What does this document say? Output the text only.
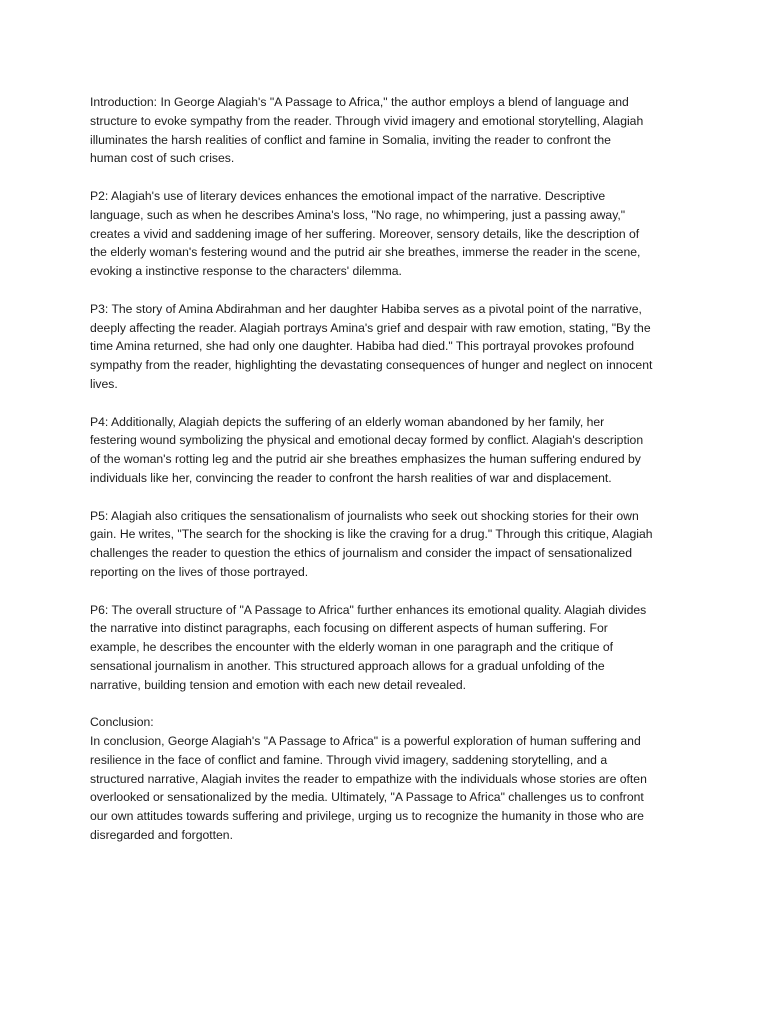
Introduction: In George Alagiah's "A Passage to Africa," the author employs a blend of language and
structure to evoke sympathy from the reader. Through vivid imagery and emotional storytelling, Alagiah
illuminates the harsh realities of conflict and famine in Somalia, inviting the reader to confront the
human cost of such crises.

P2: Alagiah's use of literary devices enhances the emotional impact of the narrative. Descriptive
language, such as when he describes Amina's loss, "No rage, no whimpering, just a passing away,"
creates a vivid and saddening image of her suffering. Moreover, sensory details, like the description of
the elderly woman's festering wound and the putrid air she breathes, immerse the reader in the scene,
evoking a instinctive response to the characters' dilemma.

P3: The story of Amina Abdirahman and her daughter Habiba serves as a pivotal point of the narrative,
deeply affecting the reader. Alagiah portrays Amina's grief and despair with raw emotion, stating, "By the
time Amina returned, she had only one daughter. Habiba had died." This portrayal provokes profound
sympathy from the reader, highlighting the devastating consequences of hunger and neglect on innocent
lives.

P4: Additionally, Alagiah depicts the suffering of an elderly woman abandoned by her family, her
festering wound symbolizing the physical and emotional decay formed by conflict. Alagiah's description
of the woman's rotting leg and the putrid air she breathes emphasizes the human suffering endured by
individuals like her, convincing the reader to confront the harsh realities of war and displacement.

P5: Alagiah also critiques the sensationalism of journalists who seek out shocking stories for their own
gain. He writes, "The search for the shocking is like the craving for a drug." Through this critique, Alagiah
challenges the reader to question the ethics of journalism and consider the impact of sensationalized
reporting on the lives of those portrayed.

P6: The overall structure of "A Passage to Africa" further enhances its emotional quality. Alagiah divides
the narrative into distinct paragraphs, each focusing on different aspects of human suffering. For
example, he describes the encounter with the elderly woman in one paragraph and the critique of
sensational journalism in another. This structured approach allows for a gradual unfolding of the
narrative, building tension and emotion with each new detail revealed.

Conclusion:
In conclusion, George Alagiah's "A Passage to Africa" is a powerful exploration of human suffering and
resilience in the face of conflict and famine. Through vivid imagery, saddening storytelling, and a
structured narrative, Alagiah invites the reader to empathize with the individuals whose stories are often
overlooked or sensationalized by the media. Ultimately, "A Passage to Africa" challenges us to confront
our own attitudes towards suffering and privilege, urging us to recognize the humanity in those who are
disregarded and forgotten.
